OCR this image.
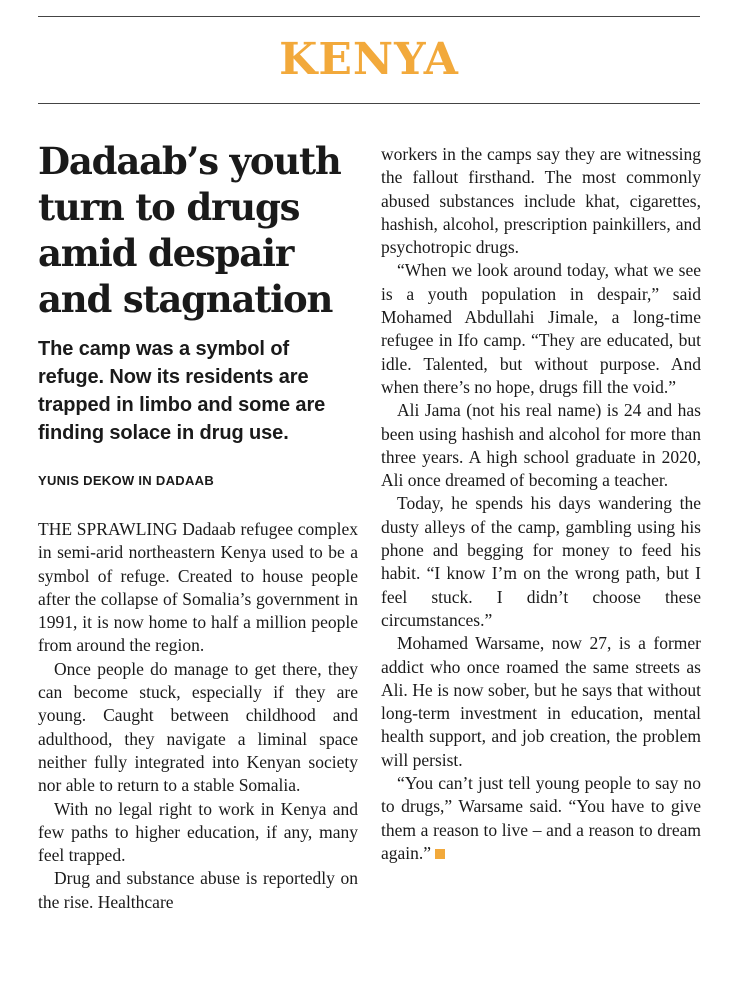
KENYA
Dadaab’s youth turn to drugs amid despair and stagnation

The camp was a symbol of refuge. Now its residents are trapped in limbo and some are finding solace in drug use.

YUNIS DEKOW IN DADAAB

THE SPRAWLING Dadaab refugee complex in semi-arid northeastern Kenya used to be a symbol of refuge. Created to house people after the collapse of Somalia’s government in 1991, it is now home to half a million people from around the region.

Once people do manage to get there, they can become stuck, especially if they are young. Caught between childhood and adulthood, they navigate a liminal space neither fully integrated into Kenyan society nor able to return to a stable Somalia.

With no legal right to work in Kenya and few paths to higher education, if any, many feel trapped.

Drug and substance abuse is reportedly on the rise. Healthcare

workers in the camps say they are witnessing the fallout firsthand. The most commonly abused substances include khat, cigarettes, hashish, alcohol, prescription painkillers, and psychotropic drugs.

“When we look around today, what we see is a youth population in despair,” said Mohamed Abdullahi Jimale, a long-time refugee in Ifo camp. “They are educated, but idle. Talented, but without purpose. And when there’s no hope, drugs fill the void.”

Ali Jama (not his real name) is 24 and has been using hashish and alcohol for more than three years. A high school graduate in 2020, Ali once dreamed of becoming a teacher.

Today, he spends his days wandering the dusty alleys of the camp, gambling using his phone and begging for money to feed his habit. “I know I’m on the wrong path, but I feel stuck. I didn’t choose these circumstances.”

Mohamed Warsame, now 27, is a former addict who once roamed the same streets as Ali. He is now sober, but he says that without long-term investment in education, mental health support, and job creation, the problem will persist.

“You can’t just tell young people to say no to drugs,” Warsame said. “You have to give them a reason to live – and a reason to dream again.”
